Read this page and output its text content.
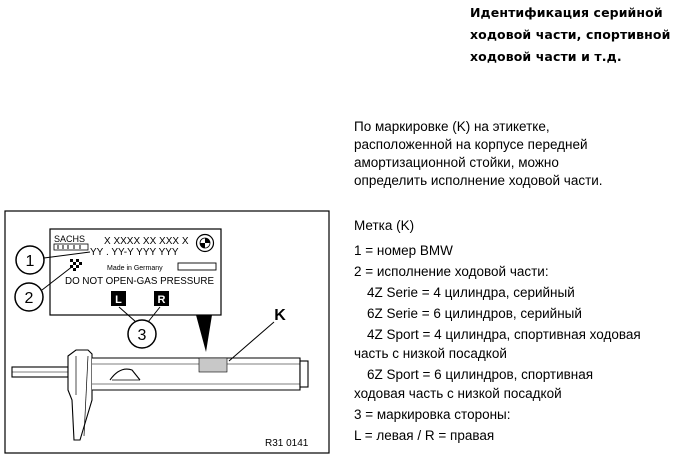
Идентификация серийной
ходовой части, спортивной
ходовой части и т.д.
По маркировке (K) на этикетке,
расположенной на корпусе передней
амортизационной стойки, можно
определить исполнение ходовой части.
Метка (K)
1 = номер BMW
2 = исполнение ходовой части:
4Z Serie = 4 цилиндра, серийный
6Z Serie = 6 цилиндров, серийный
4Z Sport = 4 цилиндра, спортивная ходовая
часть с низкой посадкой
6Z Sport = 6 цилиндров, спортивная
ходовая часть с низкой посадкой
3 = маркировка стороны:
L = левая / R = правая
SACHS X XXXX XX XXX X
YY . YY-Y YYY YYY
Made in Germany
DO NOT OPEN-GAS PRESSURE
L	R
1
2
3
K
R31 0141
